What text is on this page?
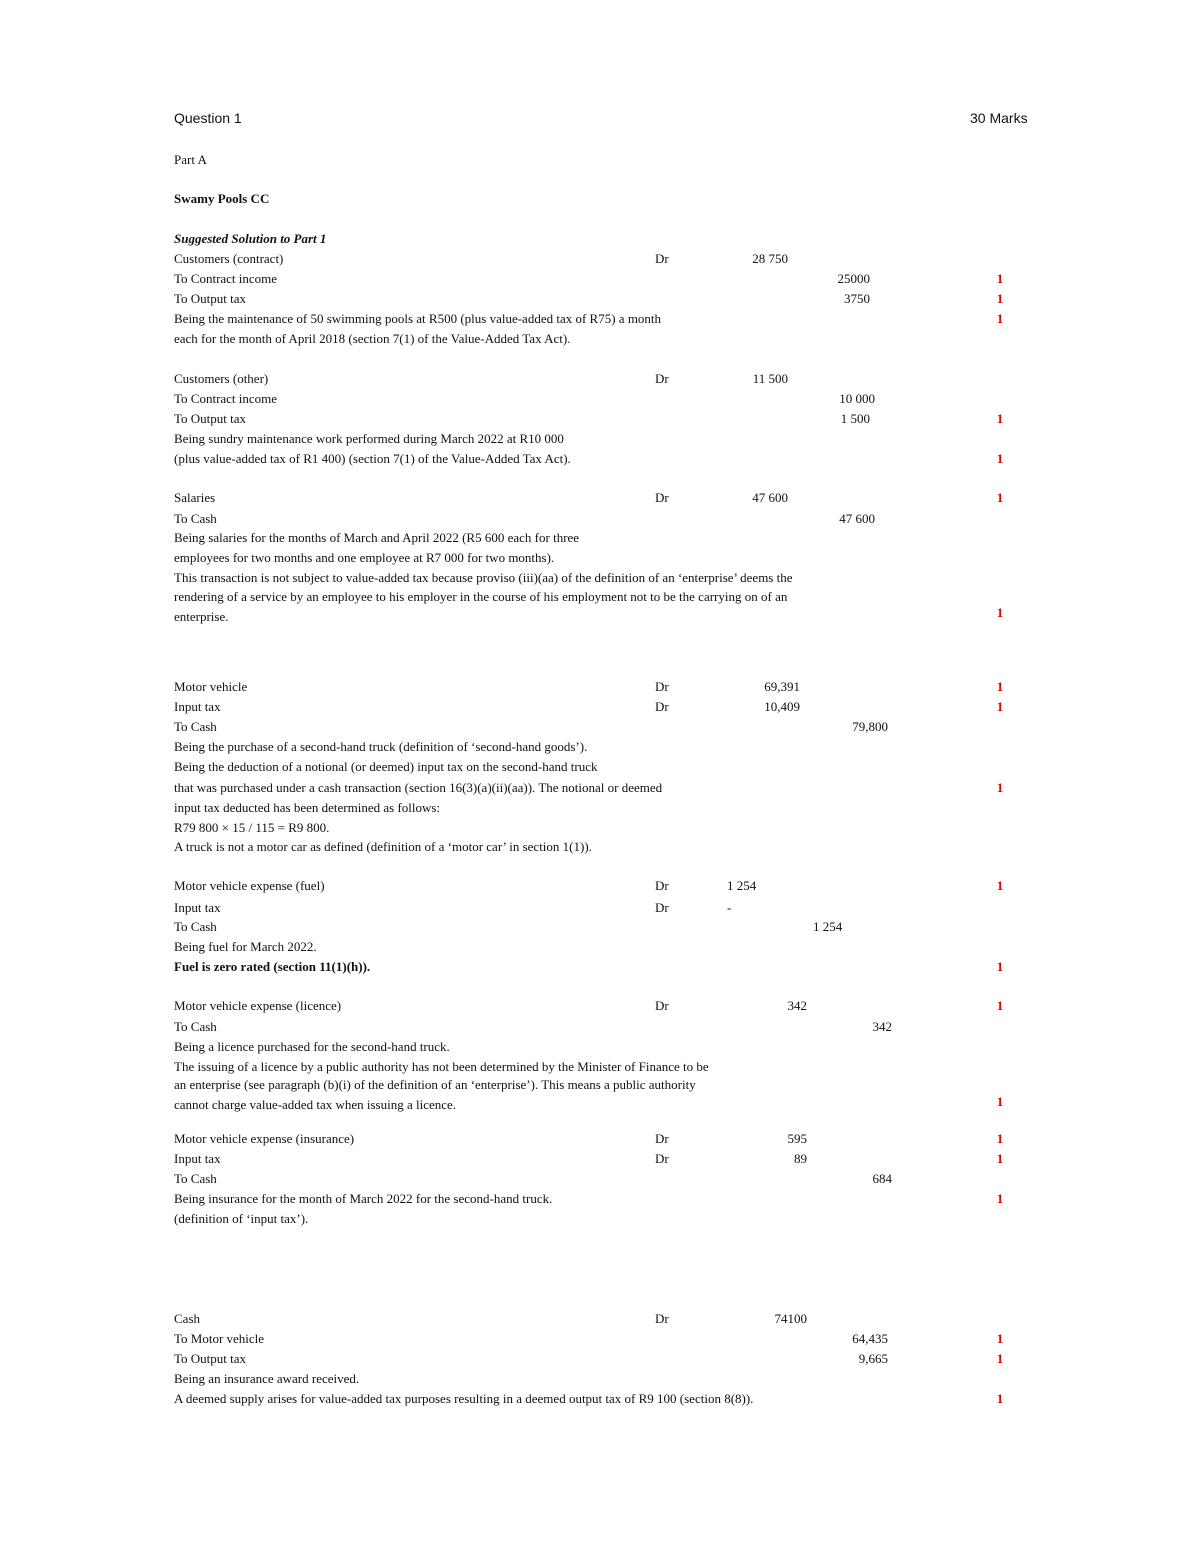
Question 1	30 Marks
Part A
Swamy Pools CC
Suggested Solution to Part 1
Customers (contract)	Dr	28 750
To Contract income	25000	1
To Output tax	3750	1
Being the maintenance of 50 swimming pools at R500 (plus value-added tax of R75) a month	1
each for the month of April 2018 (section 7(1) of the Value-Added Tax Act).
Customers (other)	Dr	11 500
To Contract income	10 000
To Output tax	1 500	1
Being sundry maintenance work performed during March 2022 at R10 000
(plus value-added tax of R1 400) (section 7(1) of the Value-Added Tax Act).	1
Salaries	Dr	47 600	1
To Cash	47 600
Being salaries for the months of March and April 2022 (R5 600 each for three
employees for two months and one employee at R7 000 for two months).
This transaction is not subject to value-added tax because proviso (iii)(aa) of the definition of an ‘enterprise’ deems the
rendering of a service by an employee to his employer in the course of his employment not to be the carrying on of an
enterprise.	1
Motor vehicle	Dr	69,391	1
Input tax	Dr	10,409	1
To Cash	79,800
Being the purchase of a second-hand truck (definition of ‘second-hand goods’).
Being the deduction of a notional (or deemed) input tax on the second-hand truck
that was purchased under a cash transaction (section 16(3)(a)(ii)(aa)). The notional or deemed	1
input tax deducted has been determined as follows:
R79 800 × 15 / 115 = R9 800.
A truck is not a motor car as defined (definition of a ‘motor car’ in section 1(1)).
Motor vehicle expense (fuel)	Dr	1 254	1
Input tax	Dr	-
To Cash	1 254
Being fuel for March 2022.
Fuel is zero rated (section 11(1)(h)).	1
Motor vehicle expense (licence)	Dr	342	1
To Cash	342
Being a licence purchased for the second-hand truck.
The issuing of a licence by a public authority has not been determined by the Minister of Finance to be
an enterprise (see paragraph (b)(i) of the definition of an ‘enterprise’). This means a public authority
cannot charge value-added tax when issuing a licence.	1
Motor vehicle expense (insurance)	Dr	595	1
Input tax	Dr	89	1
To Cash	684
Being insurance for the month of March 2022 for the second-hand truck.	1
(definition of ‘input tax’).
Cash	Dr	74100
To Motor vehicle	64,435	1
To Output tax	9,665	1
Being an insurance award received.
A deemed supply arises for value-added tax purposes resulting in a deemed output tax of R9 100 (section 8(8)).	1
